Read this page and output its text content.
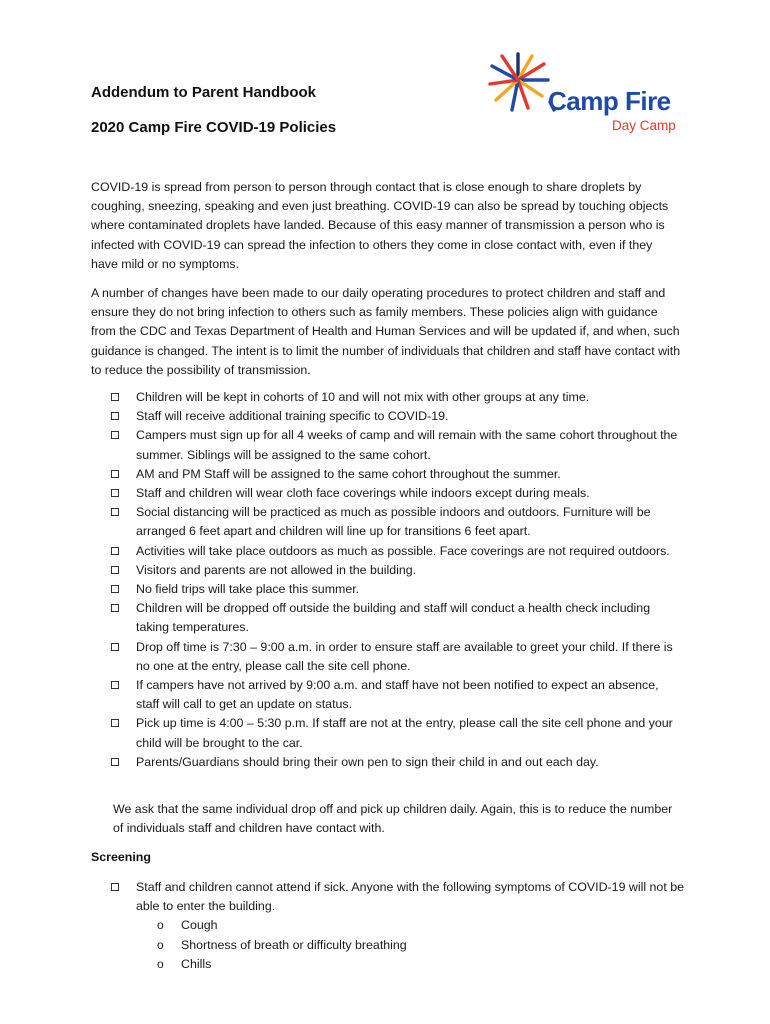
Camp Fire
Day Camp
Addendum to Parent Handbook
2020 Camp Fire COVID-19 Policies

COVID-19 is spread from person to person through contact that is close enough to share droplets by coughing, sneezing, speaking and even just breathing. COVID-19 can also be spread by touching objects where contaminated droplets have landed. Because of this easy manner of transmission a person who is infected with COVID-19 can spread the infection to others they come in close contact with, even if they have mild or no symptoms.

A number of changes have been made to our daily operating procedures to protect children and staff and ensure they do not bring infection to others such as family members. These policies align with guidance from the CDC and Texas Department of Health and Human Services and will be updated if, and when, such guidance is changed. The intent is to limit the number of individuals that children and staff have contact with to reduce the possibility of transmission.

Children will be kept in cohorts of 10 and will not mix with other groups at any time.
Staff will receive additional training specific to COVID-19.
Campers must sign up for all 4 weeks of camp and will remain with the same cohort throughout the summer. Siblings will be assigned to the same cohort.
AM and PM Staff will be assigned to the same cohort throughout the summer.
Staff and children will wear cloth face coverings while indoors except during meals.
Social distancing will be practiced as much as possible indoors and outdoors. Furniture will be arranged 6 feet apart and children will line up for transitions 6 feet apart.
Activities will take place outdoors as much as possible. Face coverings are not required outdoors.
Visitors and parents are not allowed in the building.
No field trips will take place this summer.
Children will be dropped off outside the building and staff will conduct a health check including taking temperatures.
Drop off time is 7:30 – 9:00 a.m. in order to ensure staff are available to greet your child. If there is no one at the entry, please call the site cell phone.
If campers have not arrived by 9:00 a.m. and staff have not been notified to expect an absence, staff will call to get an update on status.
Pick up time is 4:00 – 5:30 p.m. If staff are not at the entry, please call the site cell phone and your child will be brought to the car.
Parents/Guardians should bring their own pen to sign their child in and out each day.

We ask that the same individual drop off and pick up children daily. Again, this is to reduce the number of individuals staff and children have contact with.

Screening
Staff and children cannot attend if sick. Anyone with the following symptoms of COVID-19 will not be able to enter the building.
o Cough
o Shortness of breath or difficulty breathing
o Chills
